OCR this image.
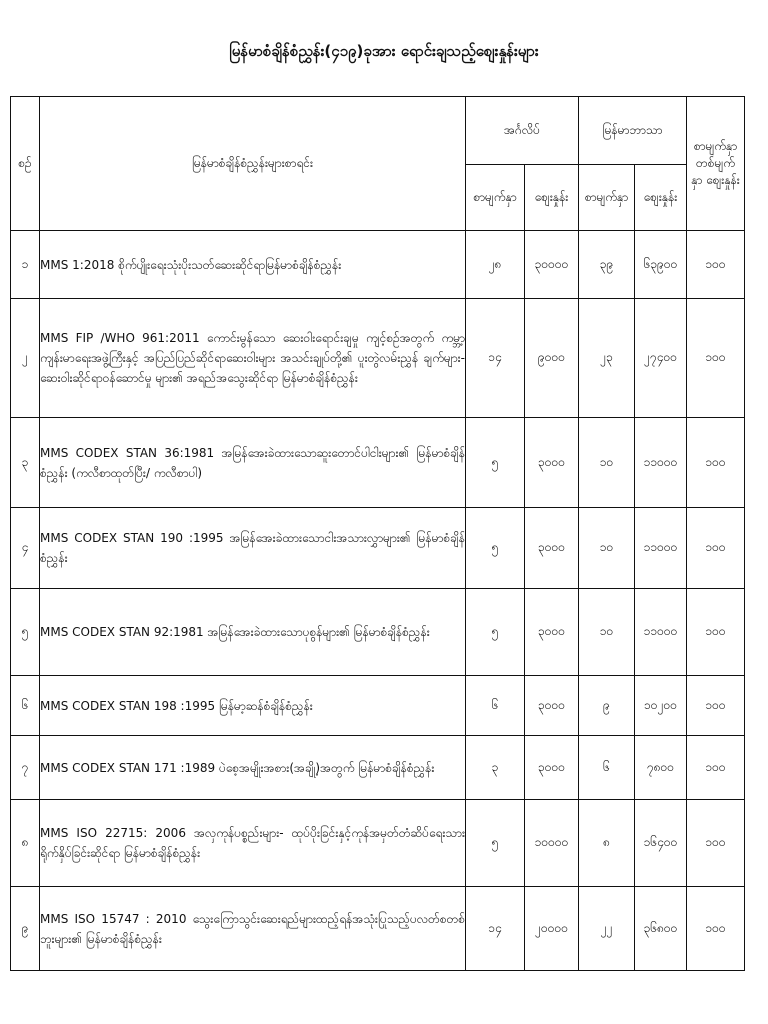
မြန်မာစံချိန်စံညွှန်း(၄၁၉)ခုအား ရောင်းချသည့်စျေးနှုန်းများ
စဉ်	မြန်မာစံချိန်စံညွှန်းများစာရင်း	အင်္ဂလိပ်		မြန်မာဘာသာ		စာမျက်နှာ တစ်မျက်နှာ စျေးနှုန်း
		စာမျက်နှာ	စျေးနှုန်း	စာမျက်နှာ	စျေးနှုန်း	
၁	MMS 1:2018 စိုက်ပျိုးရေးသုံးပိုးသတ်ဆေးဆိုင်ရာမြန်မာစံချိန်စံညွှန်း	၂၈	၃၀၀၀၀	၃၉	၆၃၉၀၀	၁၀၀
၂	MMS FIP /WHO 961:2011 ကောင်းမွန်သော ဆေးဝါးရောင်းချမှု ကျင့်စဉ်အတွက် ကမ္ဘာ့ကျန်းမာရေးအဖွဲ့ကြီးနှင့် အပြည်ပြည်ဆိုင်ရာဆေးဝါးများ အသင်းချုပ်တို့၏ ပူးတွဲလမ်းညွှန် ချက်များ-ဆေးဝါးဆိုင်ရာဝန်ဆောင်မှု များ၏ အရည်အသွေးဆိုင်ရာ မြန်မာစံချိန်စံညွှန်း	၁၄	၉၀၀၀	၂၃	၂၇၄၀၀	၁၀၀
၃	MMS CODEX STAN 36:1981 အမြန်အေးခဲထားသောဆူးတောင်ပါငါးများ၏ မြန်မာစံချိန် စံညွှန်း (ကလီစာထုတ်ပြီး/ ကလီစာပါ)	၅	၃၀၀၀	၁၀	၁၁၀၀၀	၁၀၀
၄	MMS CODEX STAN 190 :1995 အမြန်အေးခဲထားသောငါးအသားလွှာများ၏ မြန်မာစံချိန် စံညွှန်း	၅	၃၀၀၀	၁၀	၁၁၀၀၀	၁၀၀
၅	MMS CODEX STAN 92:1981 အမြန်အေးခဲထားသောပုစွန်များ၏ မြန်မာစံချိန်စံညွှန်း	၅	၃၀၀၀	၁၀	၁၁၀၀၀	၁၀၀
၆	MMS CODEX STAN 198 :1995 မြန်မာ့ဆန်စံချိန်စံညွှန်း	၆	၃၀၀၀	၉	၁၀၂၀၀	၁၀၀
၇	MMS CODEX STAN 171 :1989 ပဲစေ့အမျိုးအစား(အချို့)အတွက် မြန်မာစံချိန်စံညွှန်း	၃	၃၀၀၀	၆	၇၈၀၀	၁၀၀
၈	MMS ISO 22715: 2006 အလှကုန်ပစ္စည်းများ- ထုပ်ပိုးခြင်းနှင့်ကုန်အမှတ်တံဆိပ်ရေးသား ရိုက်နှိပ်ခြင်းဆိုင်ရာ မြန်မာစံချိန်စံညွှန်း	၅	၁၀၀၀၀	၈	၁၆၄၀၀	၁၀၀
၉	MMS ISO 15747 : 2010 သွေးကြောသွင်းဆေးရည်များထည့်ရန်အသုံးပြုသည့်ပလတ်စတစ် ဘူးများ၏ မြန်မာစံချိန်စံညွှန်း	၁၄	၂၀၀၀၀	၂၂	၃၆၈၀၀	၁၀၀
